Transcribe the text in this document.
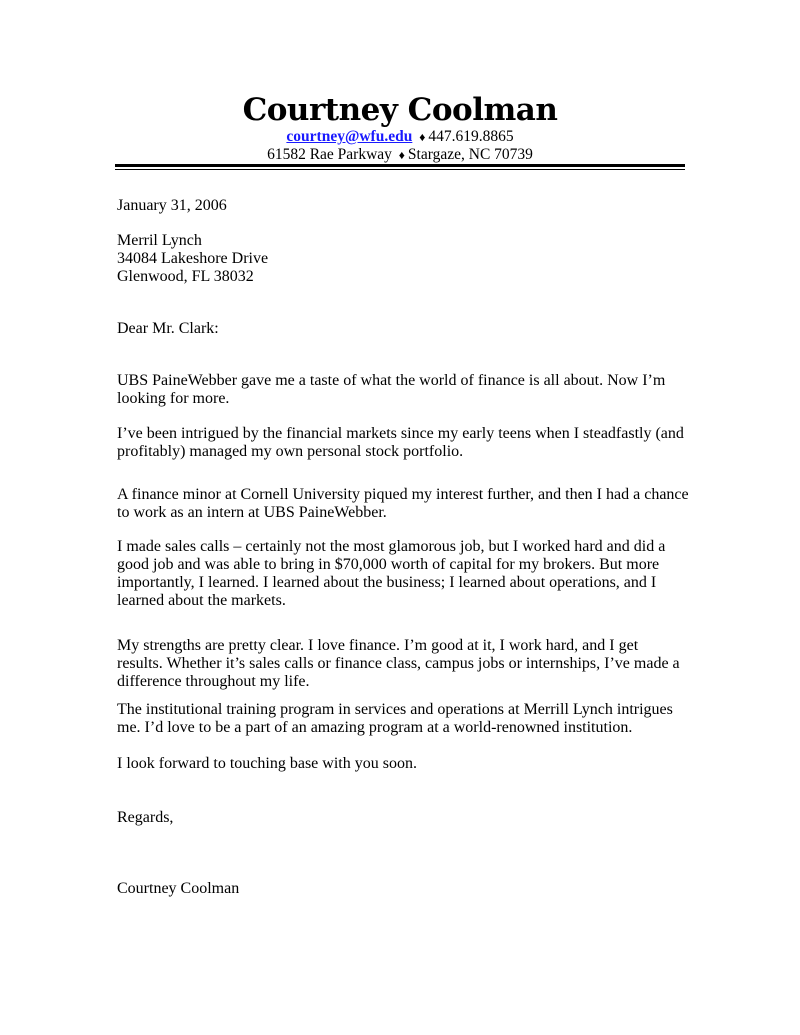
Courtney Coolman
courtney@wfu.edu ♦ 447.619.8865
61582 Rae Parkway ♦ Stargaze, NC 70739
January 31, 2006
Merril Lynch
34084 Lakeshore Drive
Glenwood, FL 38032
Dear Mr. Clark:
UBS PaineWebber gave me a taste of what the world of finance is all about. Now I’m
looking for more.
I’ve been intrigued by the financial markets since my early teens when I steadfastly (and
profitably) managed my own personal stock portfolio.
A finance minor at Cornell University piqued my interest further, and then I had a chance
to work as an intern at UBS PaineWebber.
I made sales calls – certainly not the most glamorous job, but I worked hard and did a
good job and was able to bring in $70,000 worth of capital for my brokers. But more
importantly, I learned. I learned about the business; I learned about operations, and I
learned about the markets.
My strengths are pretty clear. I love finance. I’m good at it, I work hard, and I get
results. Whether it’s sales calls or finance class, campus jobs or internships, I’ve made a
difference throughout my life.
The institutional training program in services and operations at Merrill Lynch intrigues
me. I’d love to be a part of an amazing program at a world-renowned institution.
I look forward to touching base with you soon.
Regards,
Courtney Coolman
